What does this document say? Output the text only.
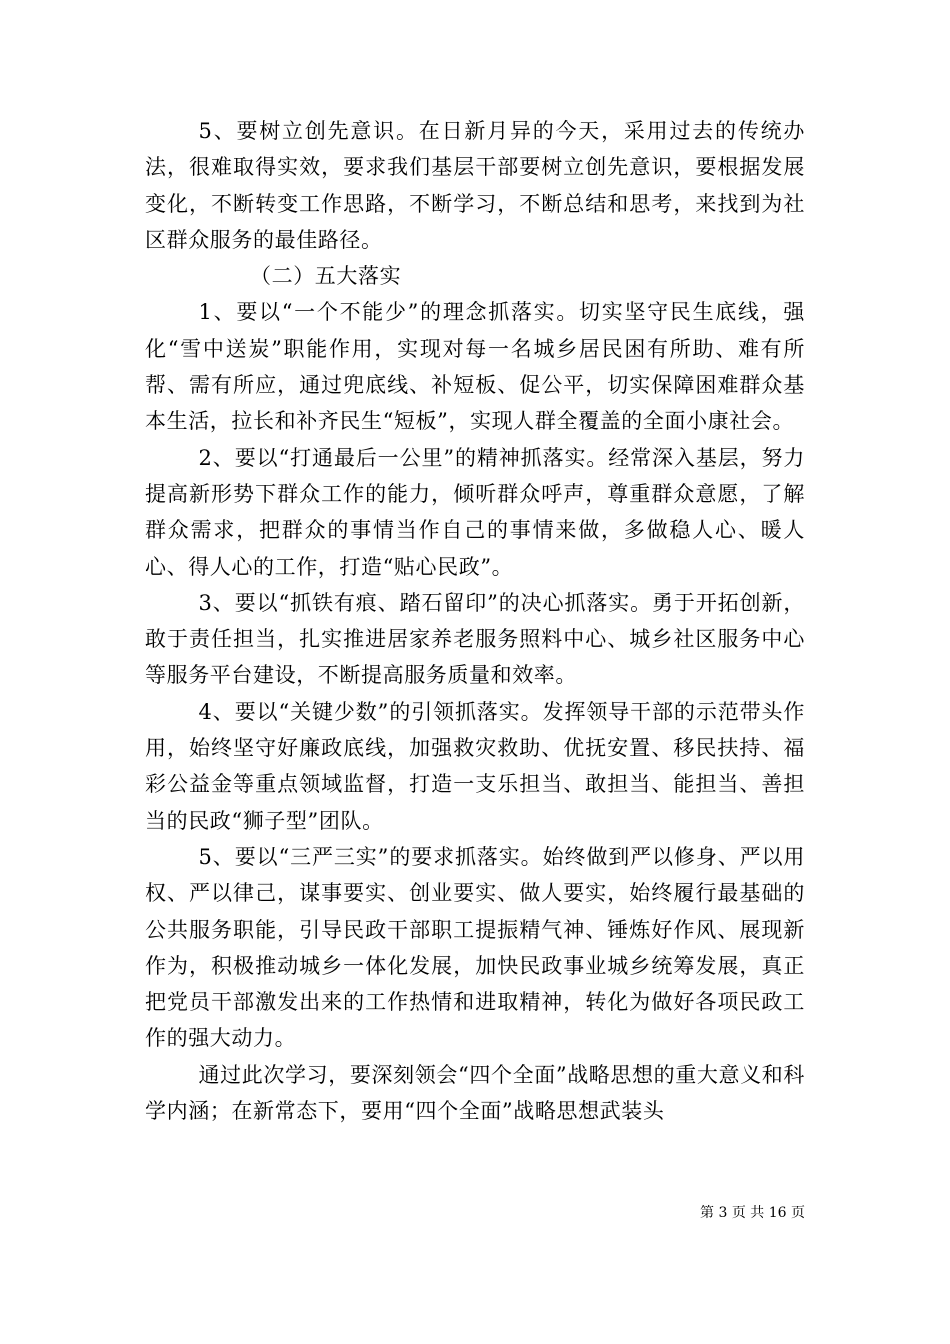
5、要树立创先意识。在日新月异的今天，采用过去的传统办法，很难取得实效，要求我们基层干部要树立创先意识，要根据发展变化，不断转变工作思路，不断学习，不断总结和思考，来找到为社区群众服务的最佳路径。

（二）五大落实

1、要以“一个不能少”的理念抓落实。切实坚守民生底线，强化“雪中送炭”职能作用，实现对每一名城乡居民困有所助、难有所帮、需有所应，通过兜底线、补短板、促公平，切实保障困难群众基本生活，拉长和补齐民生“短板”，实现人群全覆盖的全面小康社会。

2、要以“打通最后一公里”的精神抓落实。经常深入基层，努力提高新形势下群众工作的能力，倾听群众呼声，尊重群众意愿，了解群众需求，把群众的事情当作自己的事情来做，多做稳人心、暖人心、得人心的工作，打造“贴心民政”。

3、要以“抓铁有痕、踏石留印”的决心抓落实。勇于开拓创新，敢于责任担当，扎实推进居家养老服务照料中心、城乡社区服务中心等服务平台建设，不断提高服务质量和效率。

4、要以“关键少数”的引领抓落实。发挥领导干部的示范带头作用，始终坚守好廉政底线，加强救灾救助、优抚安置、移民扶持、福彩公益金等重点领域监督，打造一支乐担当、敢担当、能担当、善担当的民政“狮子型”团队。

5、要以“三严三实”的要求抓落实。始终做到严以修身、严以用权、严以律己，谋事要实、创业要实、做人要实，始终履行最基础的公共服务职能，引导民政干部职工提振精气神、锤炼好作风、展现新作为，积极推动城乡一体化发展，加快民政事业城乡统筹发展，真正把党员干部激发出来的工作热情和进取精神，转化为做好各项民政工作的强大动力。

通过此次学习，要深刻领会“四个全面”战略思想的重大意义和科学内涵；在新常态下，要用“四个全面”战略思想武装头

第 3 页 共 16 页
